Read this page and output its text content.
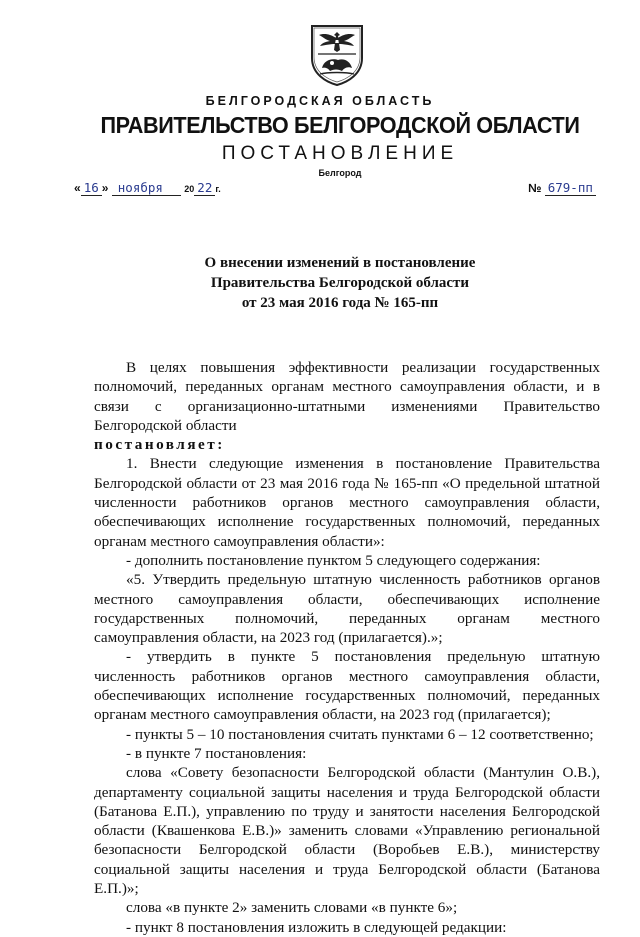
БЕЛГОРОДСКАЯ ОБЛАСТЬ
ПРАВИТЕЛЬСТВО БЕЛГОРОДСКОЙ ОБЛАСТИ
ПОСТАНОВЛЕНИЕ
Белгород
« 16 » ноября 20 22 г.	№ 679-пп
О внесении изменений в постановление
Правительства Белгородской области
от 23 мая 2016 года № 165-пп

В целях повышения эффективности реализации государственных полномочий, переданных органам местного самоуправления области, и в связи с организационно-штатными изменениями Правительство Белгородской области

постановляет:

1. Внести следующие изменения в постановление Правительства Белгородской области от 23 мая 2016 года № 165-пп «О предельной штатной численности работников органов местного самоуправления области, обеспечивающих исполнение государственных полномочий, переданных органам местного самоуправления области»:

- дополнить постановление пунктом 5 следующего содержания:

«5. Утвердить предельную штатную численность работников органов местного самоуправления области, обеспечивающих исполнение государственных полномочий, переданных органам местного самоуправления области, на 2023 год (прилагается).»;

- утвердить в пункте 5 постановления предельную штатную численность работников органов местного самоуправления области, обеспечивающих исполнение государственных полномочий, переданных органам местного самоуправления области, на 2023 год (прилагается);

- пункты 5 – 10 постановления считать пунктами 6 – 12 соответственно;

- в пункте 7 постановления:

слова «Совету безопасности Белгородской области (Мантулин О.В.), департаменту социальной защиты населения и труда Белгородской области (Батанова Е.П.), управлению по труду и занятости населения Белгородской области (Квашенкова Е.В.)» заменить словами «Управлению региональной безопасности Белгородской области (Воробьев Е.В.), министерству социальной защиты населения и труда Белгородской области (Батанова Е.П.)»;

слова «в пункте 2» заменить словами «в пункте 6»;

- пункт 8 постановления изложить в следующей редакции:
